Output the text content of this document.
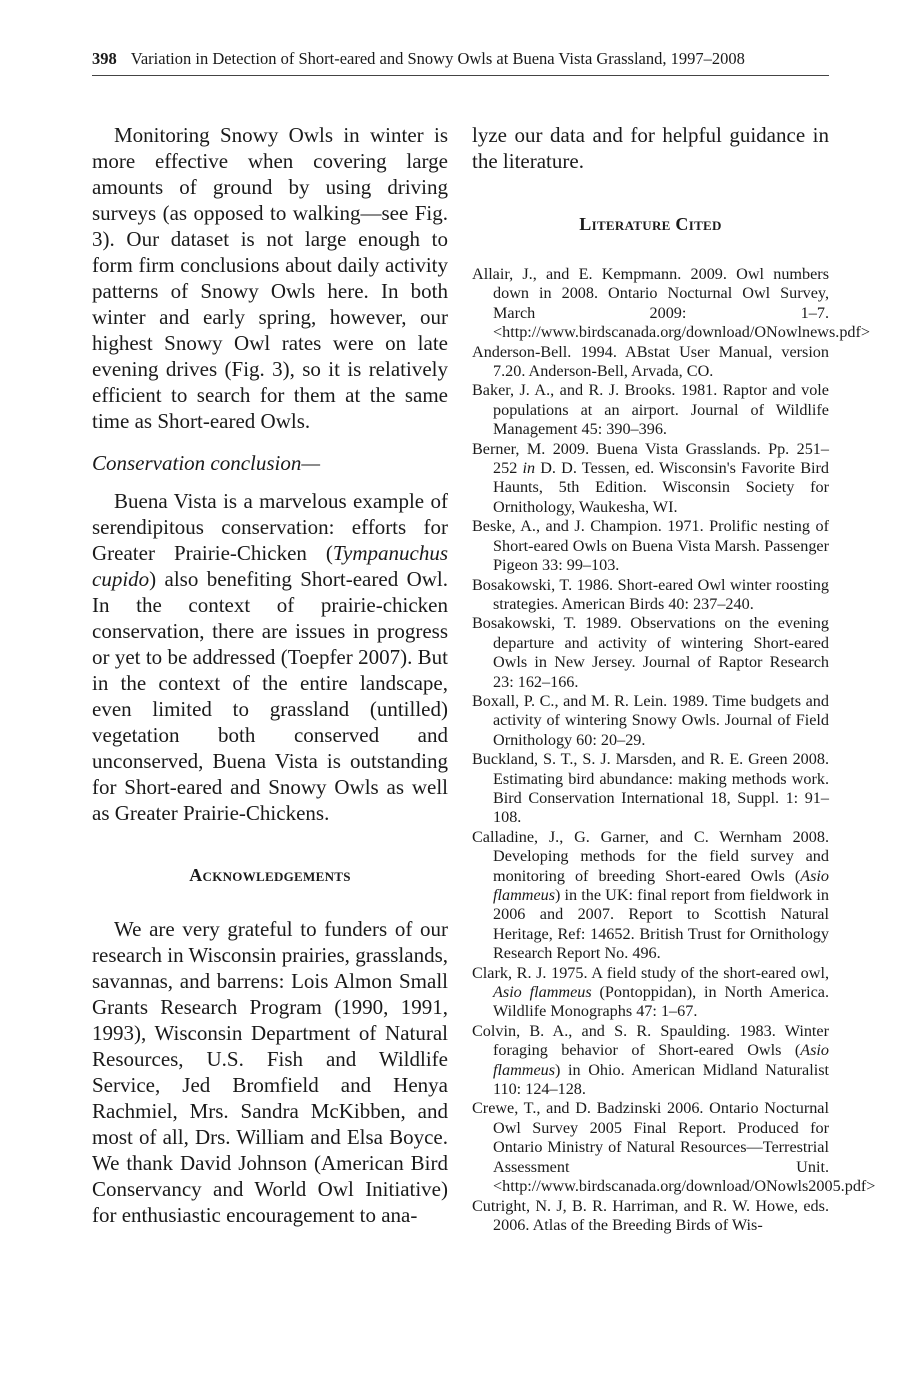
398 Variation in Detection of Short-eared and Snowy Owls at Buena Vista Grassland, 1997–2008

Monitoring Snowy Owls in winter is more effective when covering large amounts of ground by using driving surveys (as opposed to walking—see Fig. 3). Our dataset is not large enough to form firm conclusions about daily activity patterns of Snowy Owls here. In both winter and early spring, however, our highest Snowy Owl rates were on late evening drives (Fig. 3), so it is relatively efficient to search for them at the same time as Short-eared Owls.

Conservation conclusion—

Buena Vista is a marvelous example of serendipitous conservation: efforts for Greater Prairie-Chicken (Tympanuchus cupido) also benefiting Short-eared Owl. In the context of prairie-chicken conservation, there are issues in progress or yet to be addressed (Toepfer 2007). But in the context of the entire landscape, even limited to grassland (untilled) vegetation both conserved and unconserved, Buena Vista is outstanding for Short-eared and Snowy Owls as well as Greater Prairie-Chickens.

Acknowledgements

We are very grateful to funders of our research in Wisconsin prairies, grasslands, savannas, and barrens: Lois Almon Small Grants Research Program (1990, 1991, 1993), Wisconsin Department of Natural Resources, U.S. Fish and Wildlife Service, Jed Bromfield and Henya Rachmiel, Mrs. Sandra McKibben, and most of all, Drs. William and Elsa Boyce. We thank David Johnson (American Bird Conservancy and World Owl Initiative) for enthusiastic encouragement to ana-

lyze our data and for helpful guidance in the literature.

Literature Cited
Allair, J., and E. Kempmann. 2009. Owl numbers down in 2008. Ontario Nocturnal Owl Survey, March 2009: 1–7. <http://www.birdscanada.org/download/ONowlnews.pdf>
Anderson-Bell. 1994. ABstat User Manual, version 7.20. Anderson-Bell, Arvada, CO.
Baker, J. A., and R. J. Brooks. 1981. Raptor and vole populations at an airport. Journal of Wildlife Management 45: 390–396.
Berner, M. 2009. Buena Vista Grasslands. Pp. 251–252 in D. D. Tessen, ed. Wisconsin's Favorite Bird Haunts, 5th Edition. Wisconsin Society for Ornithology, Waukesha, WI.
Beske, A., and J. Champion. 1971. Prolific nesting of Short-eared Owls on Buena Vista Marsh. Passenger Pigeon 33: 99–103.
Bosakowski, T. 1986. Short-eared Owl winter roosting strategies. American Birds 40: 237–240.
Bosakowski, T. 1989. Observations on the evening departure and activity of wintering Short-eared Owls in New Jersey. Journal of Raptor Research 23: 162–166.
Boxall, P. C., and M. R. Lein. 1989. Time budgets and activity of wintering Snowy Owls. Journal of Field Ornithology 60: 20–29.
Buckland, S. T., S. J. Marsden, and R. E. Green 2008. Estimating bird abundance: making methods work. Bird Conservation International 18, Suppl. 1: 91–108.
Calladine, J., G. Garner, and C. Wernham 2008. Developing methods for the field survey and monitoring of breeding Short-eared Owls (Asio flammeus) in the UK: final report from fieldwork in 2006 and 2007. Report to Scottish Natural Heritage, Ref: 14652. British Trust for Ornithology Research Report No. 496.
Clark, R. J. 1975. A field study of the short-eared owl, Asio flammeus (Pontoppidan), in North America. Wildlife Monographs 47: 1–67.
Colvin, B. A., and S. R. Spaulding. 1983. Winter foraging behavior of Short-eared Owls (Asio flammeus) in Ohio. American Midland Naturalist 110: 124–128.
Crewe, T., and D. Badzinski 2006. Ontario Nocturnal Owl Survey 2005 Final Report. Produced for Ontario Ministry of Natural Resources—Terrestrial Assessment Unit. <http://www.birdscanada.org/download/ONowls2005.pdf>
Cutright, N. J, B. R. Harriman, and R. W. Howe, eds. 2006. Atlas of the Breeding Birds of Wis-
